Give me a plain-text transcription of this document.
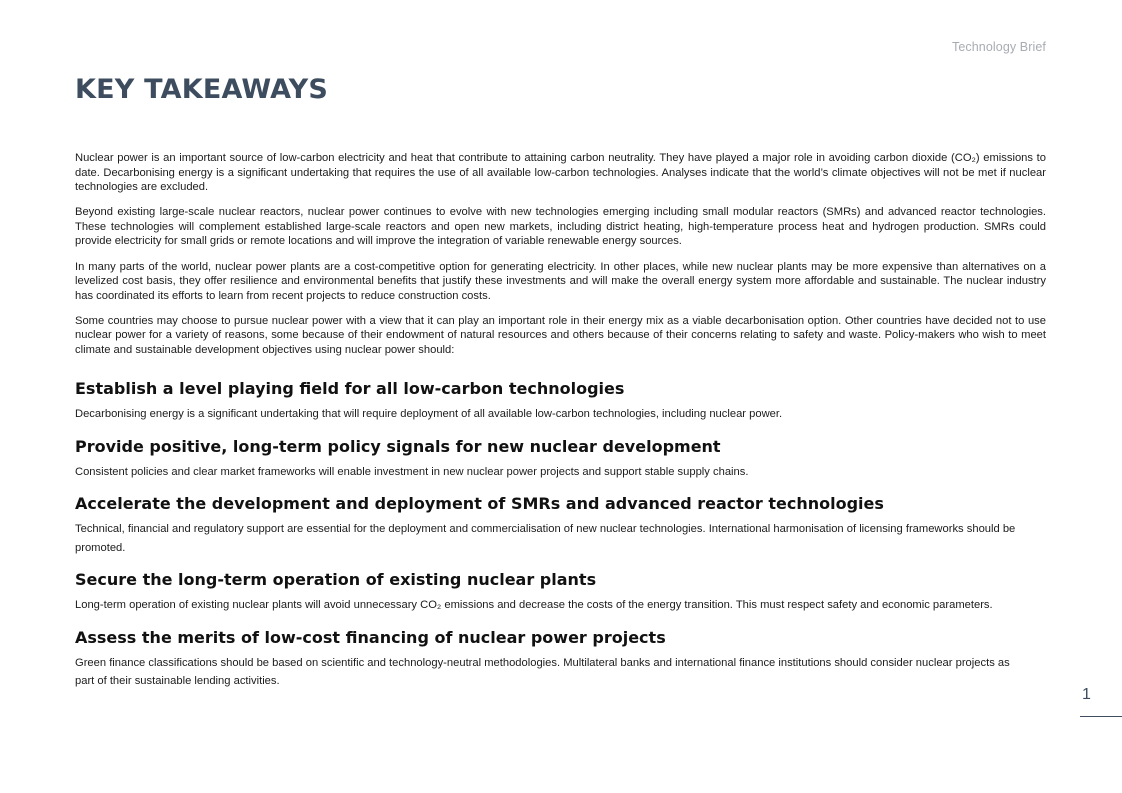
Technology Brief
KEY TAKEAWAYS

Nuclear power is an important source of low-carbon electricity and heat that contribute to attaining carbon neutrality. They have played a major role in avoiding carbon dioxide (CO₂) emissions to date. Decarbonising energy is a significant undertaking that requires the use of all available low-carbon technologies. Analyses indicate that the world’s climate objectives will not be met if nuclear technologies are excluded.

Beyond existing large-scale nuclear reactors, nuclear power continues to evolve with new technologies emerging including small modular reactors (SMRs) and advanced reactor technologies. These technologies will complement established large-scale reactors and open new markets, including district heating, high-temperature process heat and hydrogen production. SMRs could provide electricity for small grids or remote locations and will improve the integration of variable renewable energy sources.

In many parts of the world, nuclear power plants are a cost-competitive option for generating electricity. In other places, while new nuclear plants may be more expensive than alternatives on a levelized cost basis, they offer resilience and environmental benefits that justify these investments and will make the overall energy system more affordable and sustainable. The nuclear industry has coordinated its efforts to learn from recent projects to reduce construction costs.

Some countries may choose to pursue nuclear power with a view that it can play an important role in their energy mix as a viable decarbonisation option. Other countries have decided not to use nuclear power for a variety of reasons, some because of their endowment of natural resources and others because of their concerns relating to safety and waste. Policy-makers who wish to meet climate and sustainable development objectives using nuclear power should:

Establish a level playing field for all low-carbon technologies

Decarbonising energy is a significant undertaking that will require deployment of all available low-carbon technologies, including nuclear power.

Provide positive, long-term policy signals for new nuclear development

Consistent policies and clear market frameworks will enable investment in new nuclear power projects and support stable supply chains.

Accelerate the development and deployment of SMRs and advanced reactor technologies

Technical, financial and regulatory support are essential for the deployment and commercialisation of new nuclear technologies. International harmonisation of licensing frameworks should be promoted.

Secure the long-term operation of existing nuclear plants

Long-term operation of existing nuclear plants will avoid unnecessary CO₂ emissions and decrease the costs of the energy transition. This must respect safety and economic parameters.

Assess the merits of low-cost financing of nuclear power projects

Green finance classifications should be based on scientific and technology-neutral methodologies. Multilateral banks and international finance institutions should consider nuclear projects as part of their sustainable lending activities.

1
